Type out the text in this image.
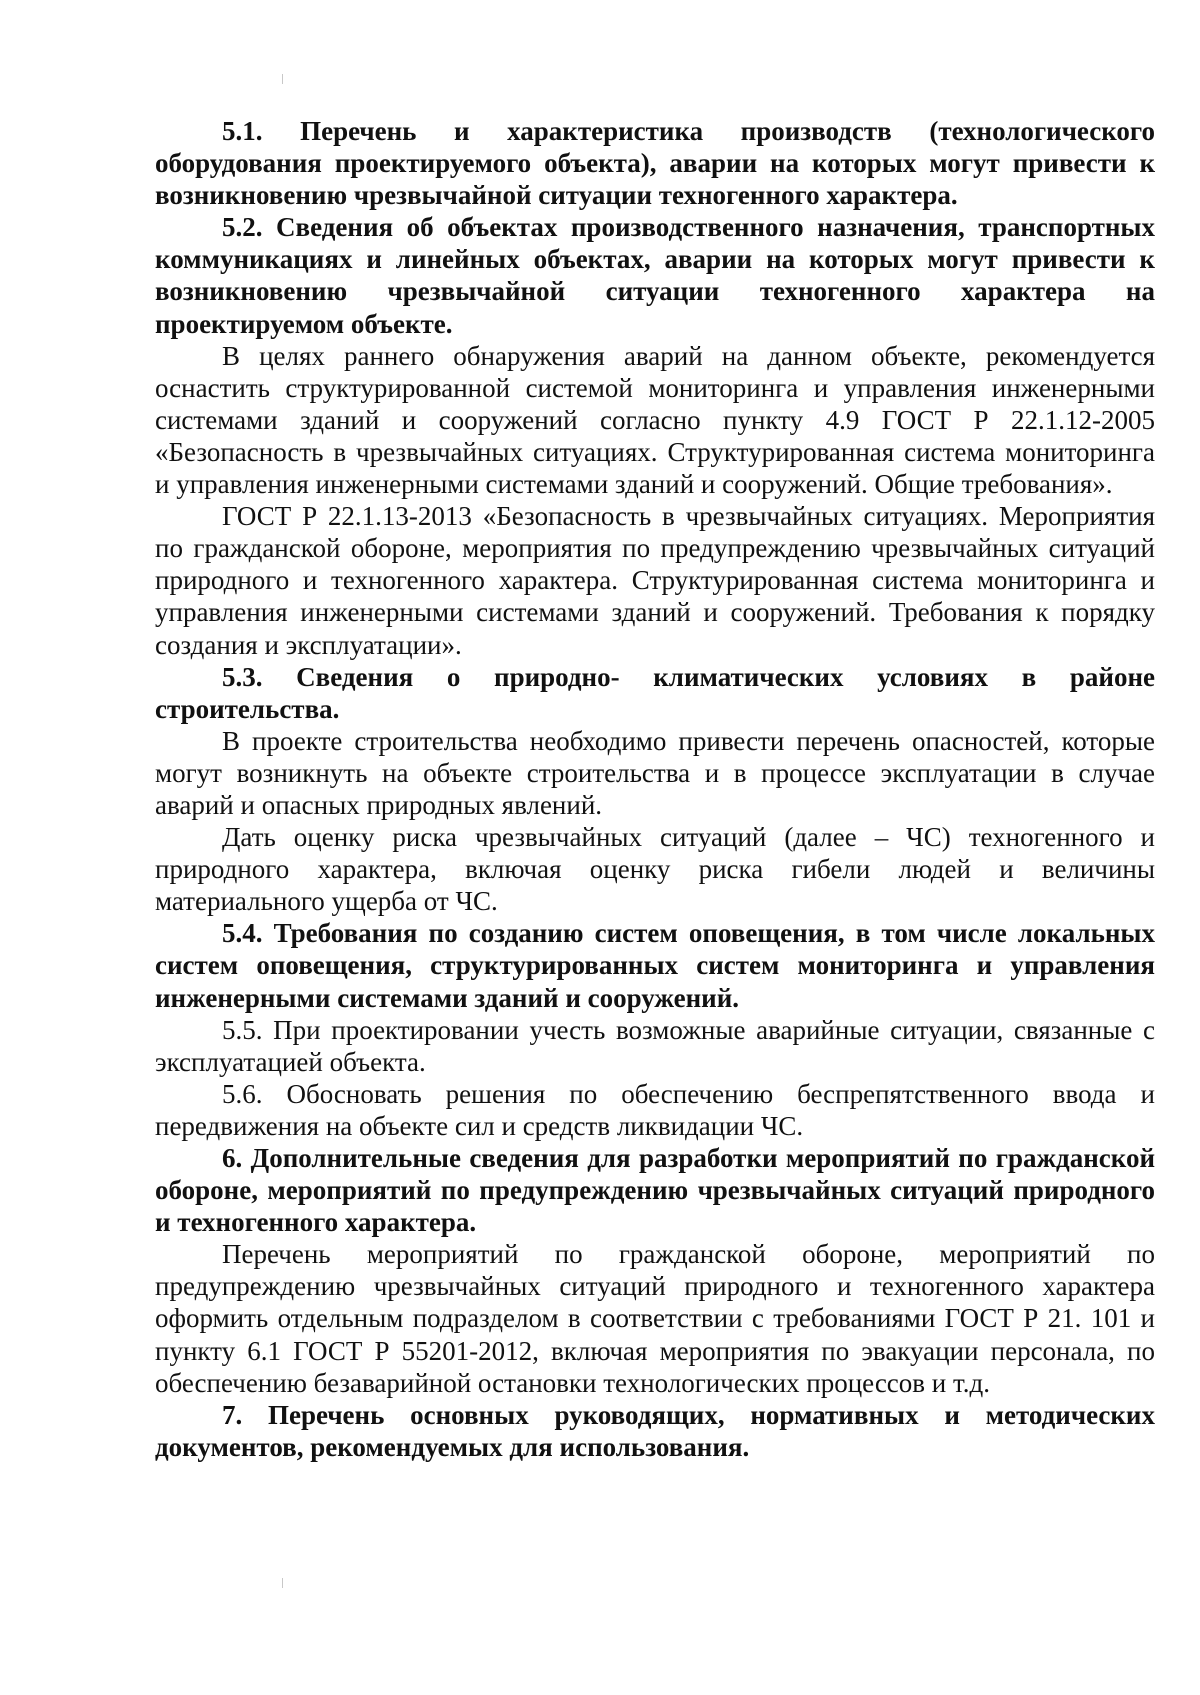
5.1. Перечень и характеристика производств (технологического оборудования проектируемого объекта), аварии на которых могут привести к возникновению чрезвычайной ситуации техногенного характера.

5.2. Сведения об объектах производственного назначения, транспортных коммуникациях и линейных объектах, аварии на которых могут привести к возникновению чрезвычайной ситуации техногенного характера на проектируемом объекте.

В целях раннего обнаружения аварий на данном объекте, рекомендуется оснастить структурированной системой мониторинга и управления инженерными системами зданий и сооружений согласно пункту 4.9 ГОСТ Р 22.1.12-2005 «Безопасность в чрезвычайных ситуациях. Структурированная система мониторинга и управления инженерными системами зданий и сооружений. Общие требования».

ГОСТ Р 22.1.13-2013 «Безопасность в чрезвычайных ситуациях. Мероприятия по гражданской обороне, мероприятия по предупреждению чрезвычайных ситуаций природного и техногенного характера. Структурированная система мониторинга и управления инженерными системами зданий и сооружений. Требования к порядку создания и эксплуатации».

5.3. Сведения о природно- климатических условиях в районе строительства.

В проекте строительства необходимо привести перечень опасностей, которые могут возникнуть на объекте строительства и в процессе эксплуатации в случае аварий и опасных природных явлений.

Дать оценку риска чрезвычайных ситуаций (далее – ЧС) техногенного и природного характера, включая оценку риска гибели людей и величины материального ущерба от ЧС.

5.4. Требования по созданию систем оповещения, в том числе локальных систем оповещения, структурированных систем мониторинга и управления инженерными системами зданий и сооружений.

5.5. При проектировании учесть возможные аварийные ситуации, связанные с эксплуатацией объекта.

5.6. Обосновать решения по обеспечению беспрепятственного ввода и передвижения на объекте сил и средств ликвидации ЧС.

6. Дополнительные сведения для разработки мероприятий по гражданской обороне, мероприятий по предупреждению чрезвычайных ситуаций природного и техногенного характера.

Перечень мероприятий по гражданской обороне, мероприятий по предупреждению чрезвычайных ситуаций природного и техногенного характера оформить отдельным подразделом в соответствии с требованиями ГОСТ Р 21. 101 и пункту 6.1 ГОСТ Р 55201-2012, включая мероприятия по эвакуации персонала, по обеспечению безаварийной остановки технологических процессов и т.д.

7. Перечень основных руководящих, нормативных и методических документов, рекомендуемых для использования.
